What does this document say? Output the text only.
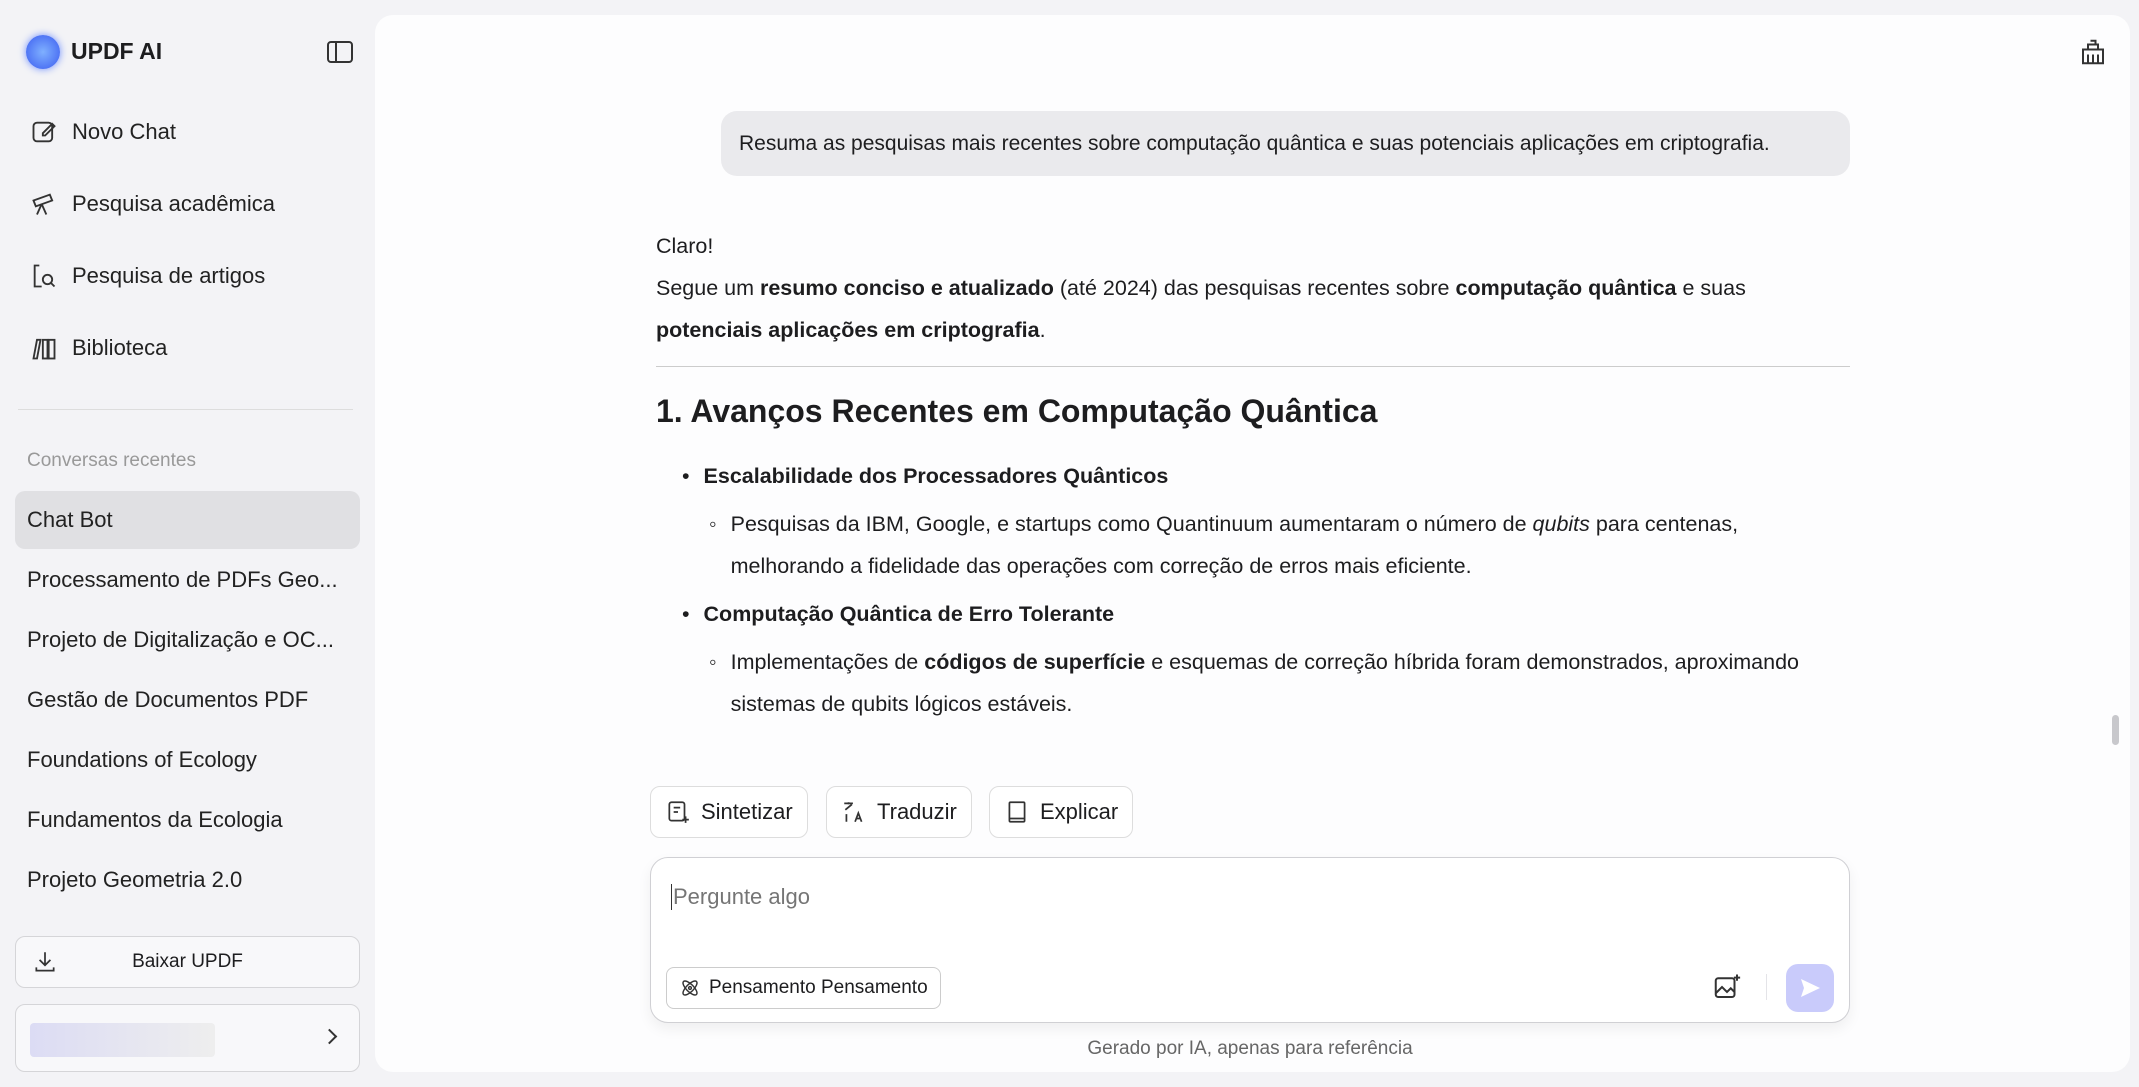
UPDF AI
Novo Chat
Pesquisa acadêmica
Pesquisa de artigos
Biblioteca
Conversas recentes
Chat Bot
Processamento de PDFs Geo...
Projeto de Digitalização e OC...
Gestão de Documentos PDF
Foundations of Ecology
Fundamentos da Ecologia
Projeto Geometria 2.0
Baixar UPDF
Resuma as pesquisas mais recentes sobre computação quântica e suas potenciais aplicações em criptografia.
Claro!
Segue um resumo conciso e atualizado (até 2024) das pesquisas recentes sobre computação quântica e suas
potenciais aplicações em criptografia.
1. Avanços Recentes em Computação Quântica
• Escalabilidade dos Processadores Quânticos
◦ Pesquisas da IBM, Google, e startups como Quantinuum aumentaram o número de qubits para centenas, melhorando a fidelidade das operações com correção de erros mais eficiente.
• Computação Quântica de Erro Tolerante
◦ Implementações de códigos de superfície e esquemas de correção híbrida foram demonstrados, aproximando sistemas de qubits lógicos estáveis.
Sintetizar	Traduzir	Explicar
Pergunte algo
Pensamento Pensamento
Gerado por IA, apenas para referência
